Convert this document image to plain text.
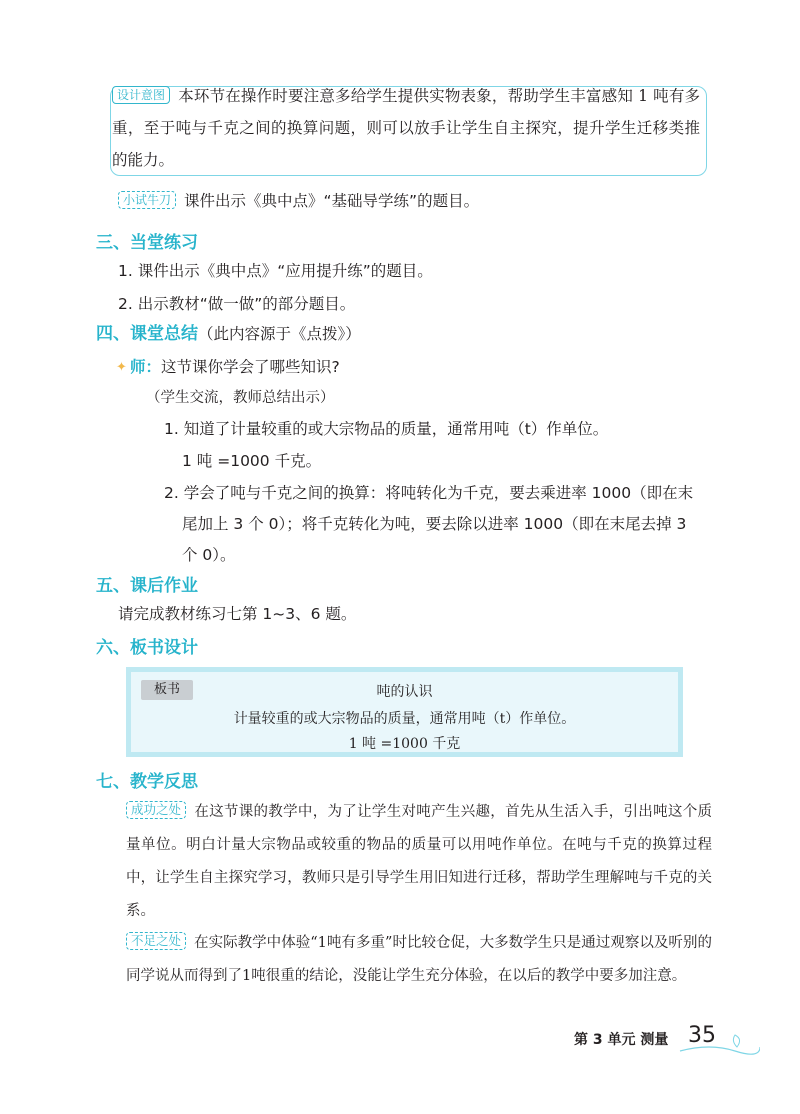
设计意图 本环节在操作时要注意多给学生提供实物表象，帮助学生丰富感知 1 吨有多重，至于吨与千克之间的换算问题，则可以放手让学生自主探究，提升学生迁移类推的能力。
小试牛刀 课件出示《典中点》“基础导学练”的题目。
三、当堂练习
1. 课件出示《典中点》“应用提升练”的题目。
2. 出示教材“做一做”的部分题目。
四、课堂总结（此内容源于《点拨》）
✦ 师：这节课你学会了哪些知识?
（学生交流，教师总结出示）
1. 知道了计量较重的或大宗物品的质量，通常用吨（t）作单位。
1 吨 =1000 千克。
2. 学会了吨与千克之间的换算：将吨转化为千克，要去乘进率 1000（即在末
尾加上 3 个 0）；将千克转化为吨，要去除以进率 1000（即在末尾去掉 3
个 0）。
五、课后作业
请完成教材练习七第 1~3、6 题。
六、板书设计
板书	吨的认识
计量较重的或大宗物品的质量，通常用吨（t）作单位。
1 吨 =1000 千克
七、教学反思
成功之处 在这节课的教学中，为了让学生对吨产生兴趣，首先从生活入手，引出吨这个质量单位。明白计量大宗物品或较重的物品的质量可以用吨作单位。在吨与千克的换算过程中，让学生自主探究学习，教师只是引导学生用旧知进行迁移，帮助学生理解吨与千克的关系。
不足之处 在实际教学中体验“1吨有多重”时比较仓促，大多数学生只是通过观察以及听别的同学说从而得到了1吨很重的结论，没能让学生充分体验，在以后的教学中要多加注意。
第 3 单元 测量 35
